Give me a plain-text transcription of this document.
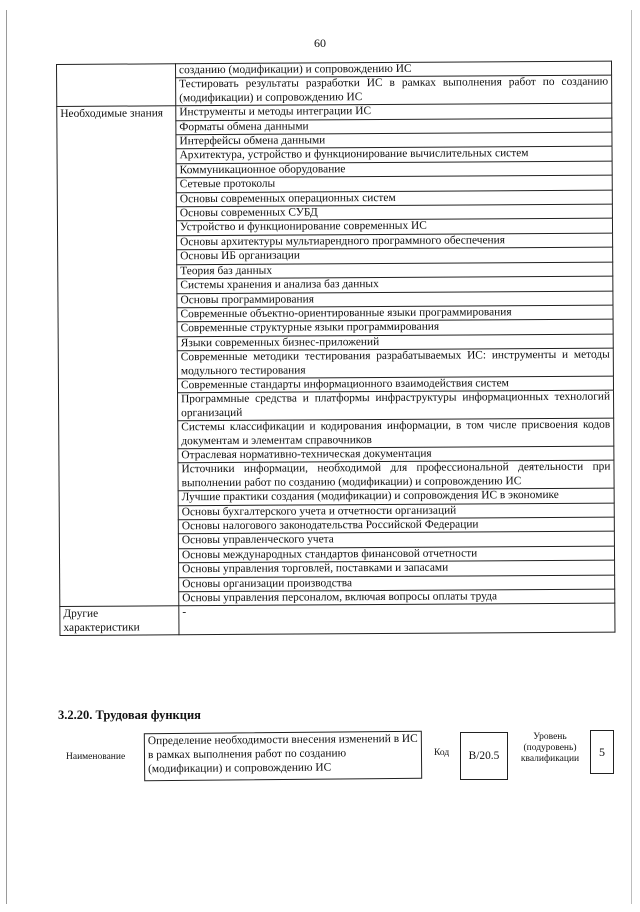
60
	созданию (модификации) и сопровождению ИС
	Тестировать результаты разработки ИС в рамках выполнения работ по созданию (модификации) и сопровождению ИС
Необходимые знания	Инструменты и методы интеграции ИС
	Форматы обмена данными
	Интерфейсы обмена данными
	Архитектура, устройство и функционирование вычислительных систем
	Коммуникационное оборудование
	Сетевые протоколы
	Основы современных операционных систем
	Основы современных СУБД
	Устройство и функционирование современных ИС
	Основы архитектуры мультиарендного программного обеспечения
	Основы ИБ организации
	Теория баз данных
	Системы хранения и анализа баз данных
	Основы программирования
	Современные объектно-ориентированные языки программирования
	Современные структурные языки программирования
	Языки современных бизнес-приложений
	Современные методики тестирования разрабатываемых ИС: инструменты и методы модульного тестирования
	Современные стандарты информационного взаимодействия систем
	Программные средства и платформы инфраструктуры информационных технологий организаций
	Системы классификации и кодирования информации, в том числе присвоения кодов документам и элементам справочников
	Отраслевая нормативно-техническая документация
	Источники информации, необходимой для профессиональной деятельности при выполнении работ по созданию (модификации) и сопровождению ИС
	Лучшие практики создания (модификации) и сопровождения ИС в экономике
	Основы бухгалтерского учета и отчетности организаций
	Основы налогового законодательства Российской Федерации
	Основы управленческого учета
	Основы международных стандартов финансовой отчетности
	Основы управления торговлей, поставками и запасами
	Основы организации производства
	Основы управления персоналом, включая вопросы оплаты труда
Другие характеристики	-
3.2.20. Трудовая функция
Наименование
Определение необходимости внесения изменений в ИС в рамках выполнения работ по созданию (модификации) и сопровождению ИС
Код	B/20.5
Уровень (подуровень) квалификации
5
